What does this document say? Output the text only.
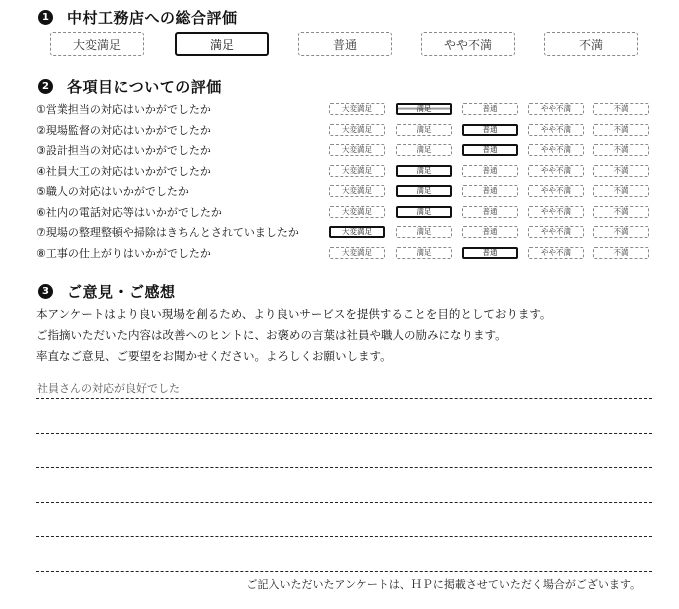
1 中村工務店への総合評価
大変満足	満足	普通	やや不満	不満
2 各項目についての評価
①営業担当の対応はいかがでしたか	大変満足	満足	普通	やや不満	不満
②現場監督の対応はいかがでしたか	大変満足	満足	普通	やや不満	不満
③設計担当の対応はいかがでしたか	大変満足	満足	普通	やや不満	不満
④社員大工の対応はいかがでしたか	大変満足	満足	普通	やや不満	不満
⑤職人の対応はいかがでしたか	大変満足	満足	普通	やや不満	不満
⑥社内の電話対応等はいかがでしたか	大変満足	満足	普通	やや不満	不満
⑦現場の整理整頓や掃除はきちんとされていましたか	大変満足	満足	普通	やや不満	不満
⑧工事の仕上がりはいかがでしたか	大変満足	満足	普通	やや不満	不満
3 ご意見・ご感想
本アンケートはより良い現場を創るため、より良いサービスを提供することを目的としております。
ご指摘いただいた内容は改善へのヒントに、お褒めの言葉は社員や職人の励みになります。
率直なご意見、ご要望をお聞かせください。よろしくお願いします。
社員さんの対応が良好でした
ご記入いただいたアンケートは、ＨＰに掲載させていただく場合がございます。
